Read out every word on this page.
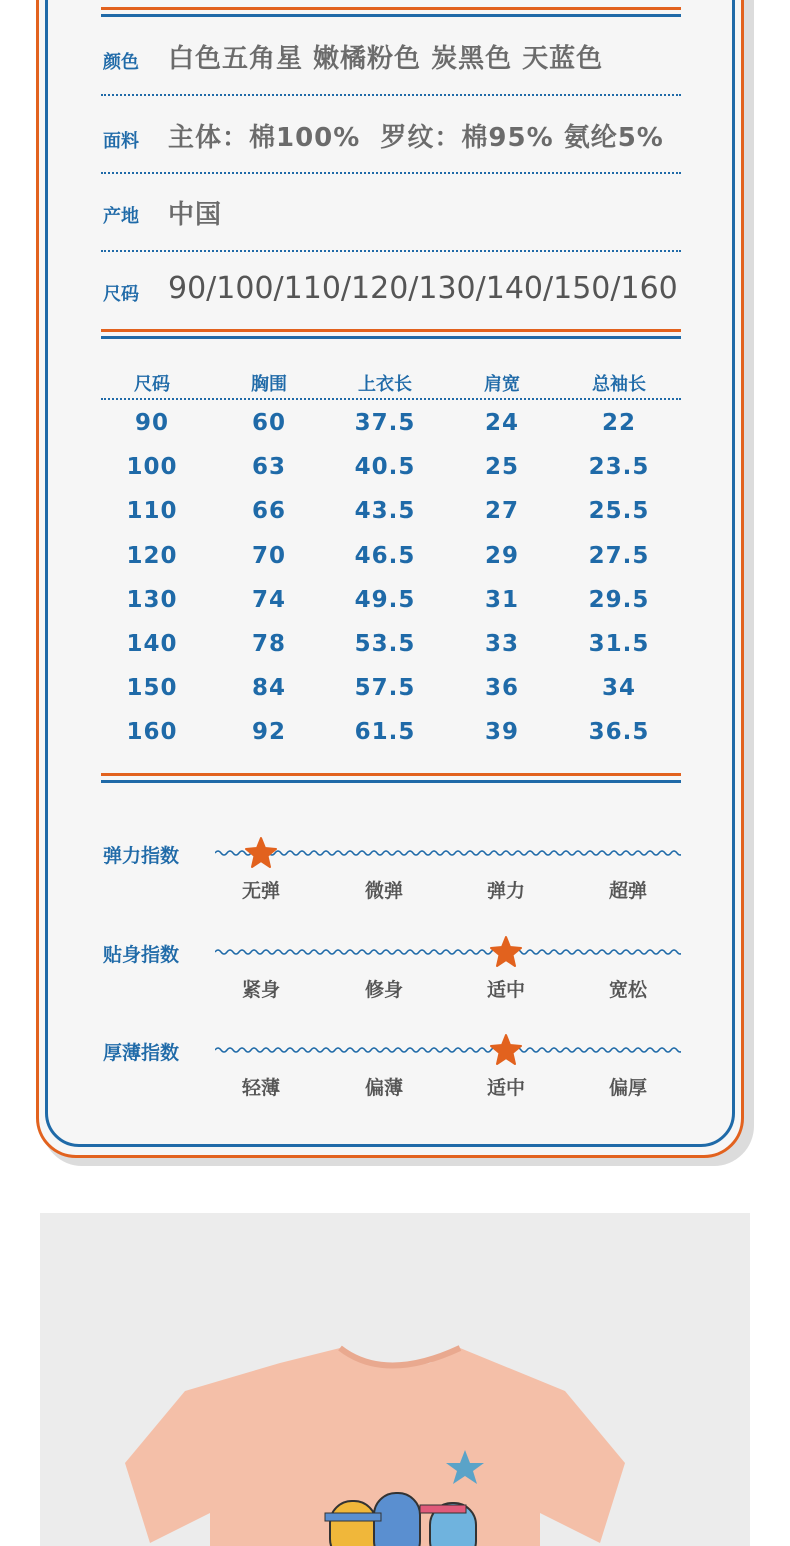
颜色 白色五角星 嫩橘粉色 炭黑色 天蓝色
面料 主体：棉100%  罗纹：棉95% 氨纶5%
产地 中国
尺码 90/100/110/120/130/140/150/160
尺码	胸围	上衣长	肩宽	总袖长
90	60	37.5	24	22
100	63	40.5	25	23.5
110	66	43.5	27	25.5
120	70	46.5	29	27.5
130	74	49.5	31	29.5
140	78	53.5	33	31.5
150	84	57.5	36	34
160	92	61.5	39	36.5
弹力指数
无弹	微弹	弹力	超弹
贴身指数
紧身	修身	适中	宽松
厚薄指数
轻薄	偏薄	适中	偏厚
